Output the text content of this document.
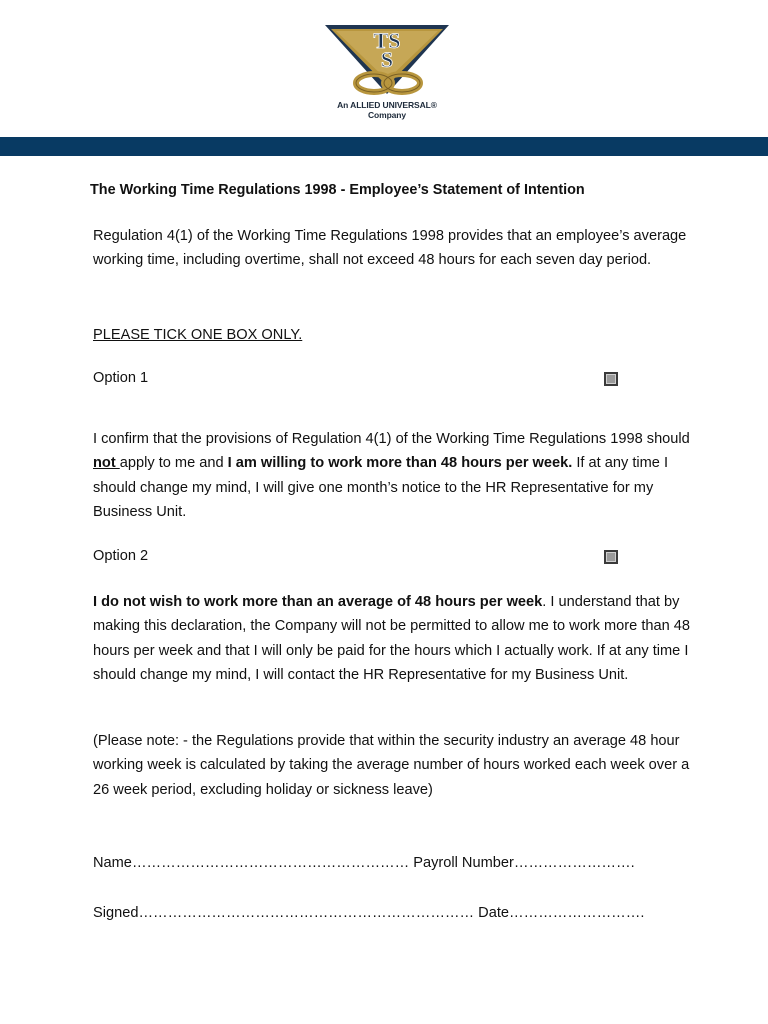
TS
S
An ALLIED UNIVERSAL® Company
The Working Time Regulations 1998 - Employee’s Statement of Intention

Regulation 4(1) of the Working Time Regulations 1998 provides that an employee’s average working time, including overtime, shall not exceed 48 hours for each seven day period.

PLEASE TICK ONE BOX ONLY.

Option 1

I confirm that the provisions of Regulation 4(1) of the Working Time Regulations 1998 should not apply to me and I am willing to work more than 48 hours per week. If at any time I should change my mind, I will give one month’s notice to the HR Representative for my Business Unit.

Option 2

I do not wish to work more than an average of 48 hours per week. I understand that by making this declaration, the Company will not be permitted to allow me to work more than 48 hours per week and that I will only be paid for the hours which I actually work. If at any time I should change my mind, I will contact the HR Representative for my Business Unit.

(Please note: - the Regulations provide that within the security industry an average 48 hour working week is calculated by taking the average number of hours worked each week over a 26 week period, excluding holiday or sickness leave)

Name………………………………………………… Payroll Number…………………….

Signed…………………………………………………………… Date……………………….
